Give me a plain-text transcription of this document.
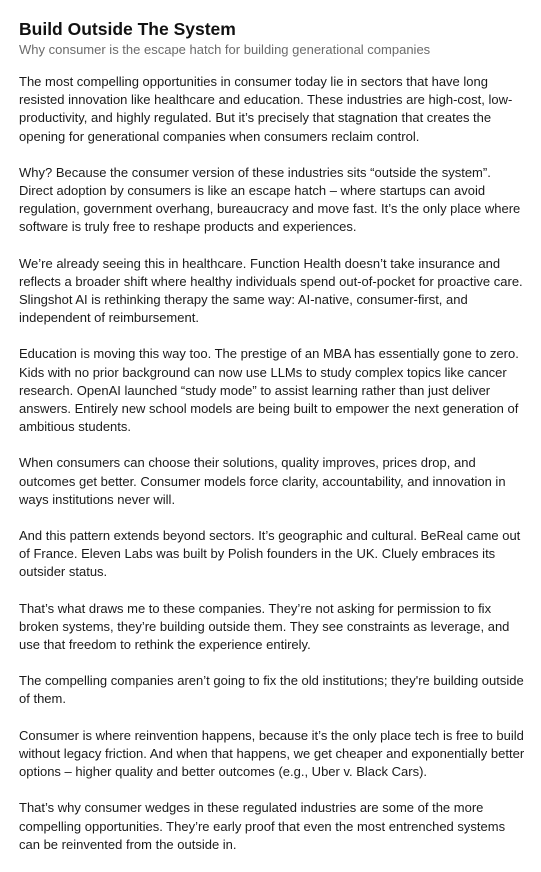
Build Outside The System
Why consumer is the escape hatch for building generational companies

The most compelling opportunities in consumer today lie in sectors that have long resisted innovation like healthcare and education. These industries are high-cost, low-productivity, and highly regulated. But it’s precisely that stagnation that creates the opening for generational companies when consumers reclaim control.

Why? Because the consumer version of these industries sits “outside the system”. Direct adoption by consumers is like an escape hatch – where startups can avoid regulation, government overhang, bureaucracy and move fast. It’s the only place where software is truly free to reshape products and experiences.

We’re already seeing this in healthcare. Function Health doesn’t take insurance and reflects a broader shift where healthy individuals spend out-of-pocket for proactive care. Slingshot AI is rethinking therapy the same way: AI-native, consumer-first, and independent of reimbursement.

Education is moving this way too. The prestige of an MBA has essentially gone to zero. Kids with no prior background can now use LLMs to study complex topics like cancer research. OpenAI launched “study mode” to assist learning rather than just deliver answers. Entirely new school models are being built to empower the next generation of ambitious students.

When consumers can choose their solutions, quality improves, prices drop, and outcomes get better. Consumer models force clarity, accountability, and innovation in ways institutions never will.

And this pattern extends beyond sectors. It’s geographic and cultural. BeReal came out of France. Eleven Labs was built by Polish founders in the UK. Cluely embraces its outsider status.

That’s what draws me to these companies. They’re not asking for permission to fix broken systems, they’re building outside them. They see constraints as leverage, and use that freedom to rethink the experience entirely.

The compelling companies aren’t going to fix the old institutions; they're building outside of them.

Consumer is where reinvention happens, because it’s the only place tech is free to build without legacy friction. And when that happens, we get cheaper and exponentially better options – higher quality and better outcomes (e.g., Uber v. Black Cars).

That’s why consumer wedges in these regulated industries are some of the more compelling opportunities. They’re early proof that even the most entrenched systems can be reinvented from the outside in.
